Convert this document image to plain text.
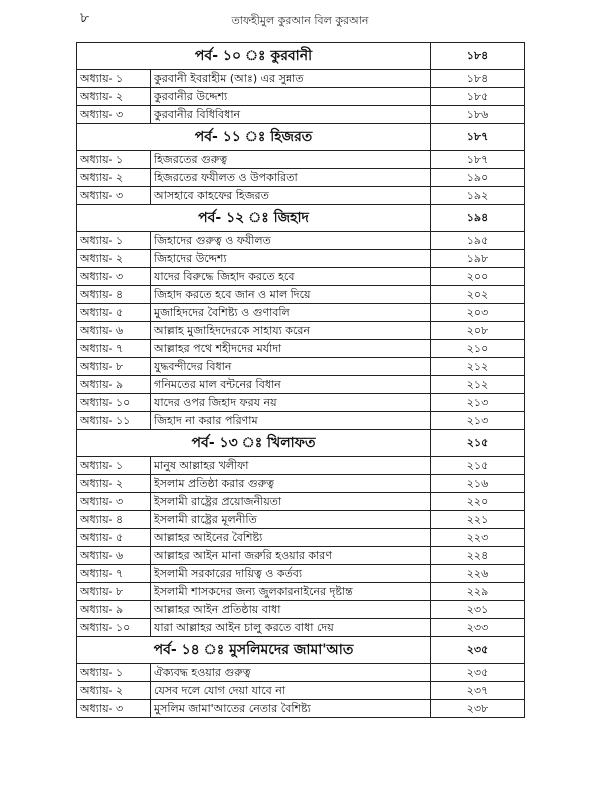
৮	তাফহীমুল কুরআন বিল কুরআন
পর্ব- ১০ ঃ কুরবানী		১৮৪
অধ্যায়- ১	কুরবানী ইবরাহীম (আঃ) এর সুন্নাত	১৮৪
অধ্যায়- ২	কুরবানীর উদ্দেশ্য	১৮৫
অধ্যায়- ৩	কুরবানীর বিধিবিধান	১৮৬
পর্ব- ১১ ঃ হিজরত		১৮৭
অধ্যায়- ১	হিজরতের গুরুত্ব	১৮৭
অধ্যায়- ২	হিজরতের ফযীলত ও উপকারিতা	১৯০
অধ্যায়- ৩	আসহাবে কাহফের হিজরত	১৯২
পর্ব- ১২ ঃ জিহাদ		১৯৪
অধ্যায়- ১	জিহাদের গুরুত্ব ও ফযীলত	১৯৫
অধ্যায়- ২	জিহাদের উদ্দেশ্য	১৯৮
অধ্যায়- ৩	যাদের বিরুদ্ধে জিহাদ করতে হবে	২০০
অধ্যায়- ৪	জিহাদ করতে হবে জান ও মাল দিয়ে	২০২
অধ্যায়- ৫	মুজাহিদদের বৈশিষ্ট্য ও গুণাবলি	২০৩
অধ্যায়- ৬	আল্লাহ মুজাহিদদেরকে সাহায্য করেন	২০৮
অধ্যায়- ৭	আল্লাহর পথে শহীদদের মর্যাদা	২১০
অধ্যায়- ৮	যুদ্ধবন্দীদের বিধান	২১২
অধ্যায়- ৯	গনিমতের মাল বন্টনের বিধান	২১২
অধ্যায়- ১০	যাদের ওপর জিহাদ ফরয নয়	২১৩
অধ্যায়- ১১	জিহাদ না করার পরিণাম	২১৩
পর্ব- ১৩ ঃ খিলাফত		২১৫
অধ্যায়- ১	মানুষ আল্লাহর খলীফা	২১৫
অধ্যায়- ২	ইসলাম প্রতিষ্ঠা করার গুরুত্ব	২১৬
অধ্যায়- ৩	ইসলামী রাষ্ট্রের প্রয়োজনীয়তা	২২০
অধ্যায়- ৪	ইসলামী রাষ্ট্রের মূলনীতি	২২১
অধ্যায়- ৫	আল্লাহর আইনের বৈশিষ্ট্য	২২৩
অধ্যায়- ৬	আল্লাহর আইন মানা জরুরি হওয়ার কারণ	২২৪
অধ্যায়- ৭	ইসলামী সরকারের দায়িত্ব ও কর্তব্য	২২৬
অধ্যায়- ৮	ইসলামী শাসকদের জন্য জুলকারনাইনের দৃষ্টান্ত	২২৯
অধ্যায়- ৯	আল্লাহর আইন প্রতিষ্ঠায় বাধা	২৩১
অধ্যায়- ১০	যারা আল্লাহর আইন চালু করতে বাধা দেয়	২৩৩
পর্ব- ১৪ ঃ মুসলিমদের জামা'আত		২৩৫
অধ্যায়- ১	ঐক্যবদ্ধ হওয়ার গুরুত্ব	২৩৫
অধ্যায়- ২	যেসব দলে যোগ দেয়া যাবে না	২৩৭
অধ্যায়- ৩	মুসলিম জামা'আতের নেতার বৈশিষ্ট্য	২৩৮
